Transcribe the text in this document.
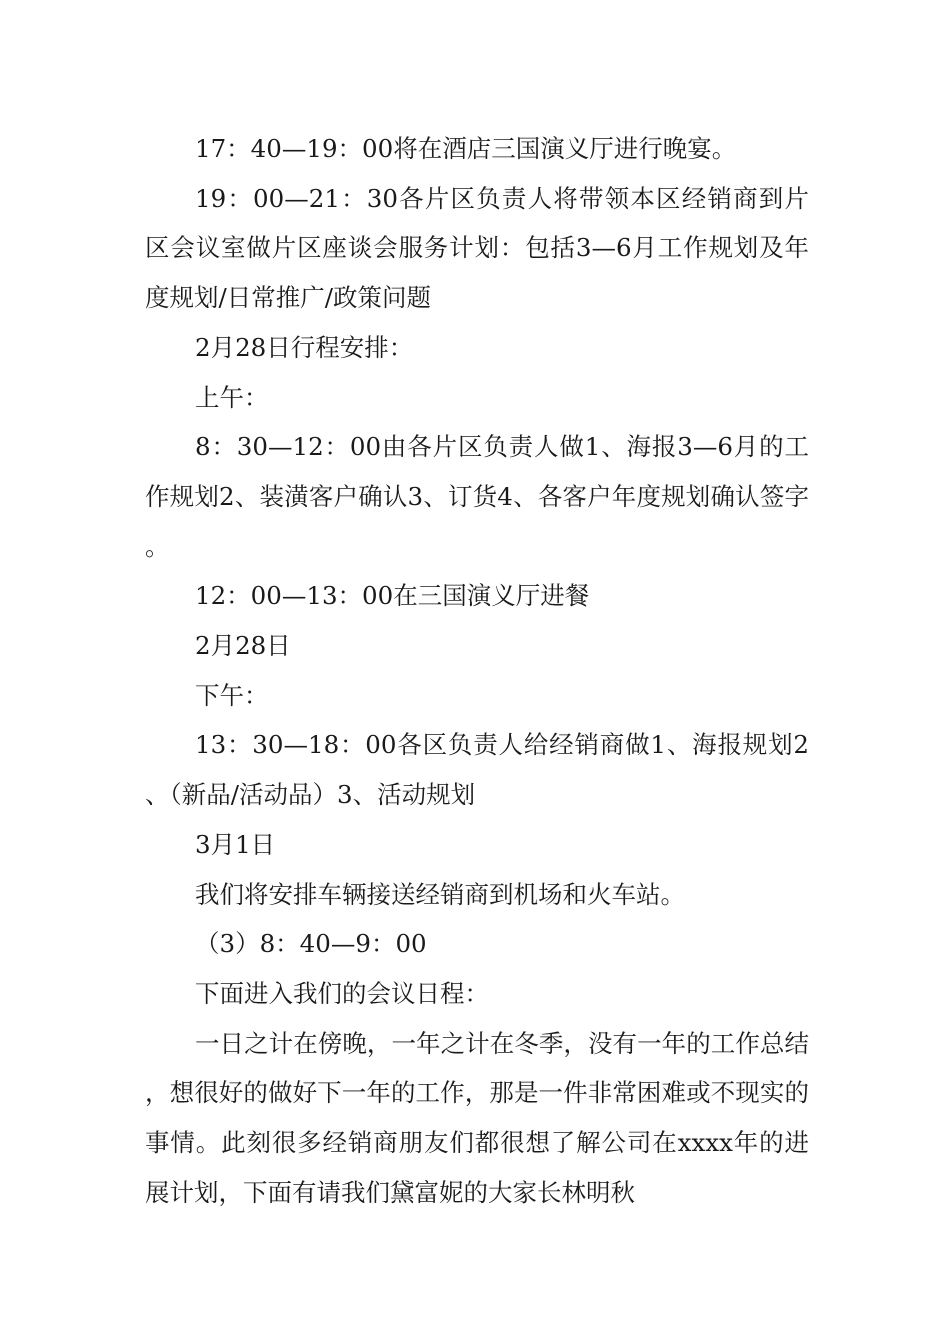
17：40—19：00将在酒店三国演义厅进行晚宴。

19：00—21：30各片区负责人将带领本区经销商到片区会议室做片区座谈会服务计划：包括3—6月工作规划及年度规划/日常推广/政策问题

2月28日行程安排：

上午：

8：30—12：00由各片区负责人做1、海报3—6月的工作规划2、装潢客户确认3、订货4、各客户年度规划确认签字。

12：00—13：00在三国演义厅进餐

2月28日

下午：

13：30—18：00各区负责人给经销商做1、海报规划2、（新品/活动品）3、活动规划

3月1日

我们将安排车辆接送经销商到机场和火车站。

（3）8：40—9：00

下面进入我们的会议日程：

一日之计在傍晚，一年之计在冬季，没有一年的工作总结，想很好的做好下一年的工作，那是一件非常困难或不现实的事情。此刻很多经销商朋友们都很想了解公司在xxxx年的进展计划，下面有请我们黛富妮的大家长林明秋
